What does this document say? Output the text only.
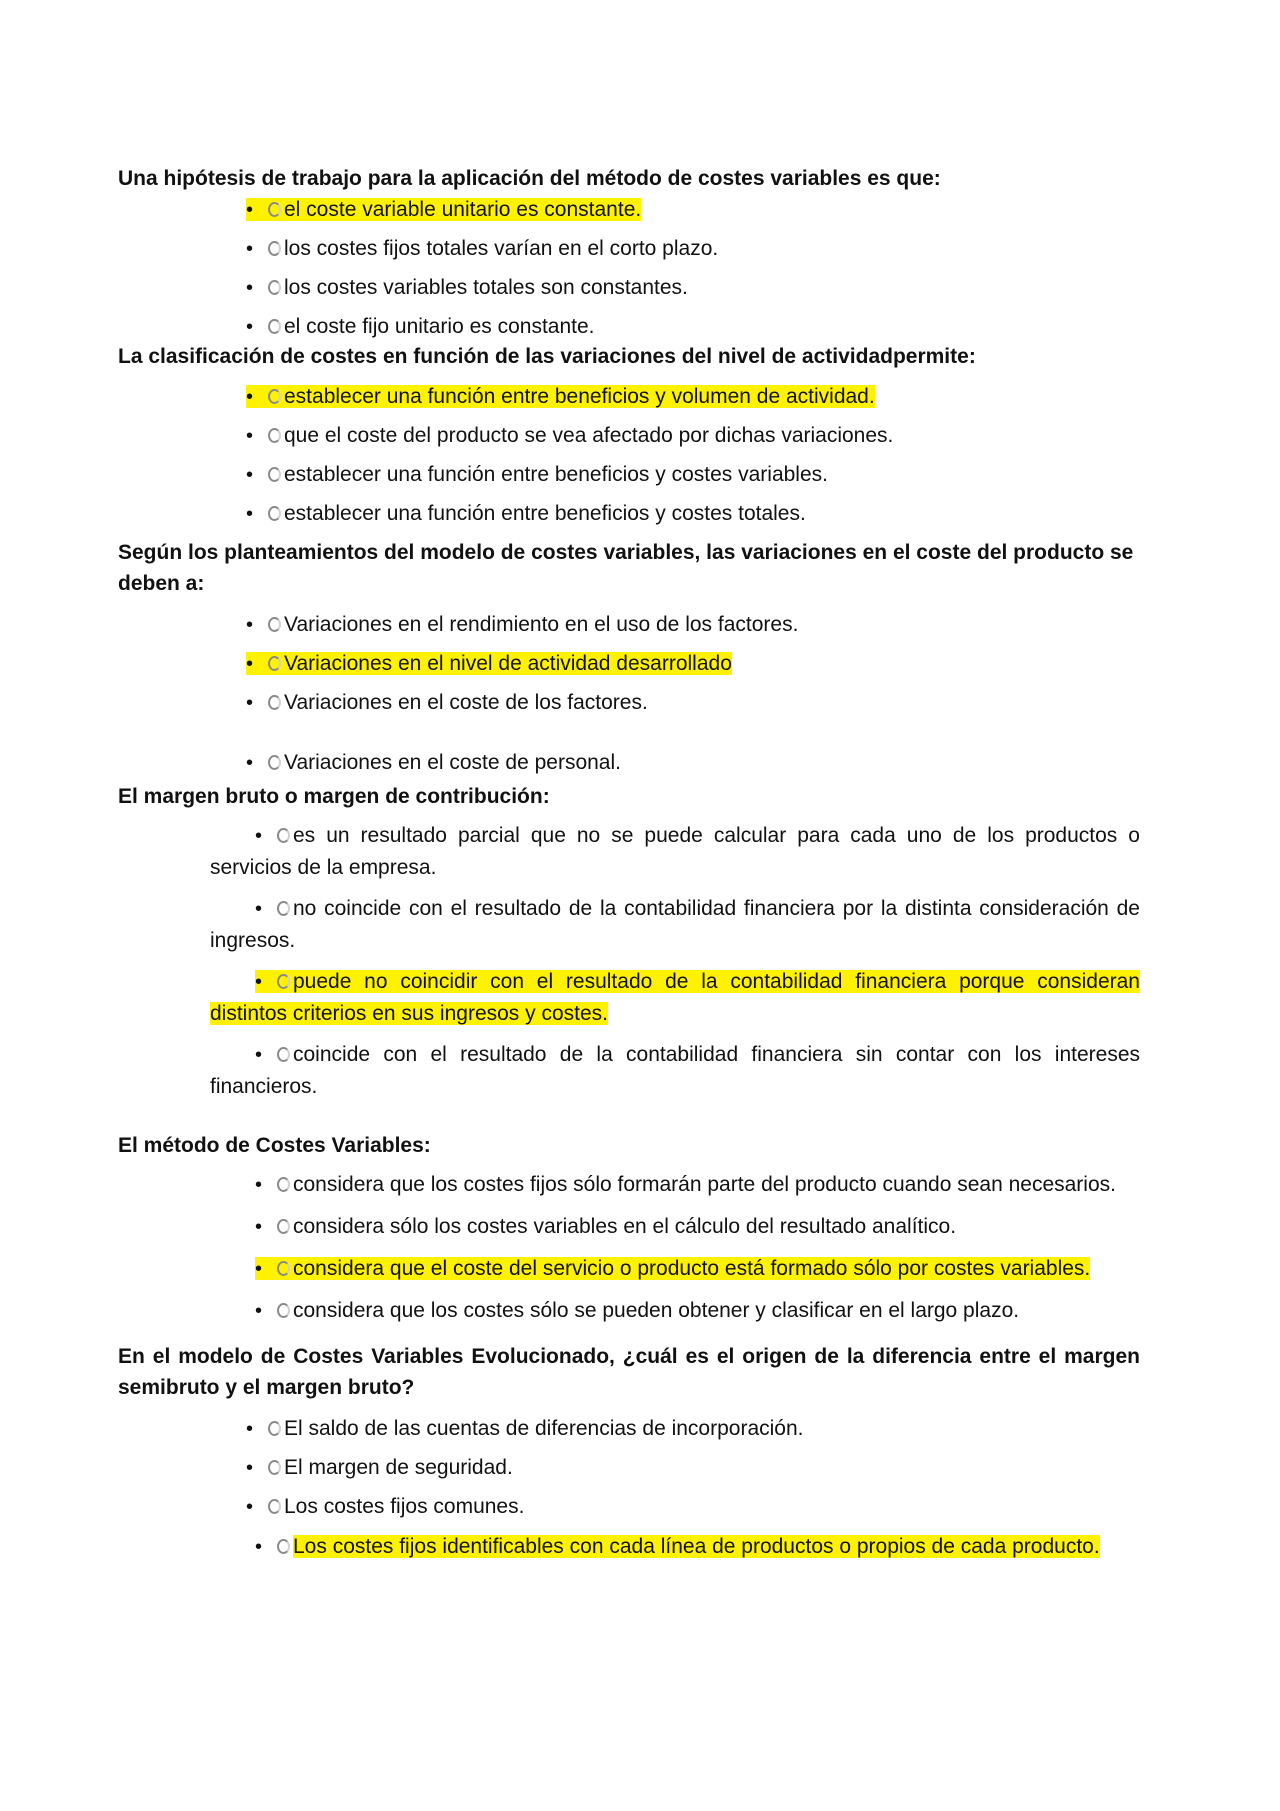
Una hipótesis de trabajo para la aplicación del método de costes variables es que:

• el coste variable unitario es constante.
• los costes fijos totales varían en el corto plazo.
• los costes variables totales son constantes.
• el coste fijo unitario es constante.

La clasificación de costes en función de las variaciones del nivel de actividadpermite:

• establecer una función entre beneficios y volumen de actividad.
• que el coste del producto se vea afectado por dichas variaciones.
• establecer una función entre beneficios y costes variables.
• establecer una función entre beneficios y costes totales.

Según los planteamientos del modelo de costes variables, las variaciones en el coste del producto se deben a:

• Variaciones en el rendimiento en el uso de los factores.
• Variaciones en el nivel de actividad desarrollado
• Variaciones en el coste de los factores.
• Variaciones en el coste de personal.

El margen bruto o margen de contribución:

• es un resultado parcial que no se puede calcular para cada uno de los productos o servicios de la empresa.
• no coincide con el resultado de la contabilidad financiera por la distinta consideración de ingresos.
• puede no coincidir con el resultado de la contabilidad financiera porque consideran distintos criterios en sus ingresos y costes.
• coincide con el resultado de la contabilidad financiera sin contar con los intereses financieros.

El método de Costes Variables:

• considera que los costes fijos sólo formarán parte del producto cuando sean necesarios.
• considera sólo los costes variables en el cálculo del resultado analítico.
• considera que el coste del servicio o producto está formado sólo por costes variables.
• considera que los costes sólo se pueden obtener y clasificar en el largo plazo.

En el modelo de Costes Variables Evolucionado, ¿cuál es el origen de la diferencia entre el margen semibruto y el margen bruto?

• El saldo de las cuentas de diferencias de incorporación.
• El margen de seguridad.
• Los costes fijos comunes.
• Los costes fijos identificables con cada línea de productos o propios de cada producto.
